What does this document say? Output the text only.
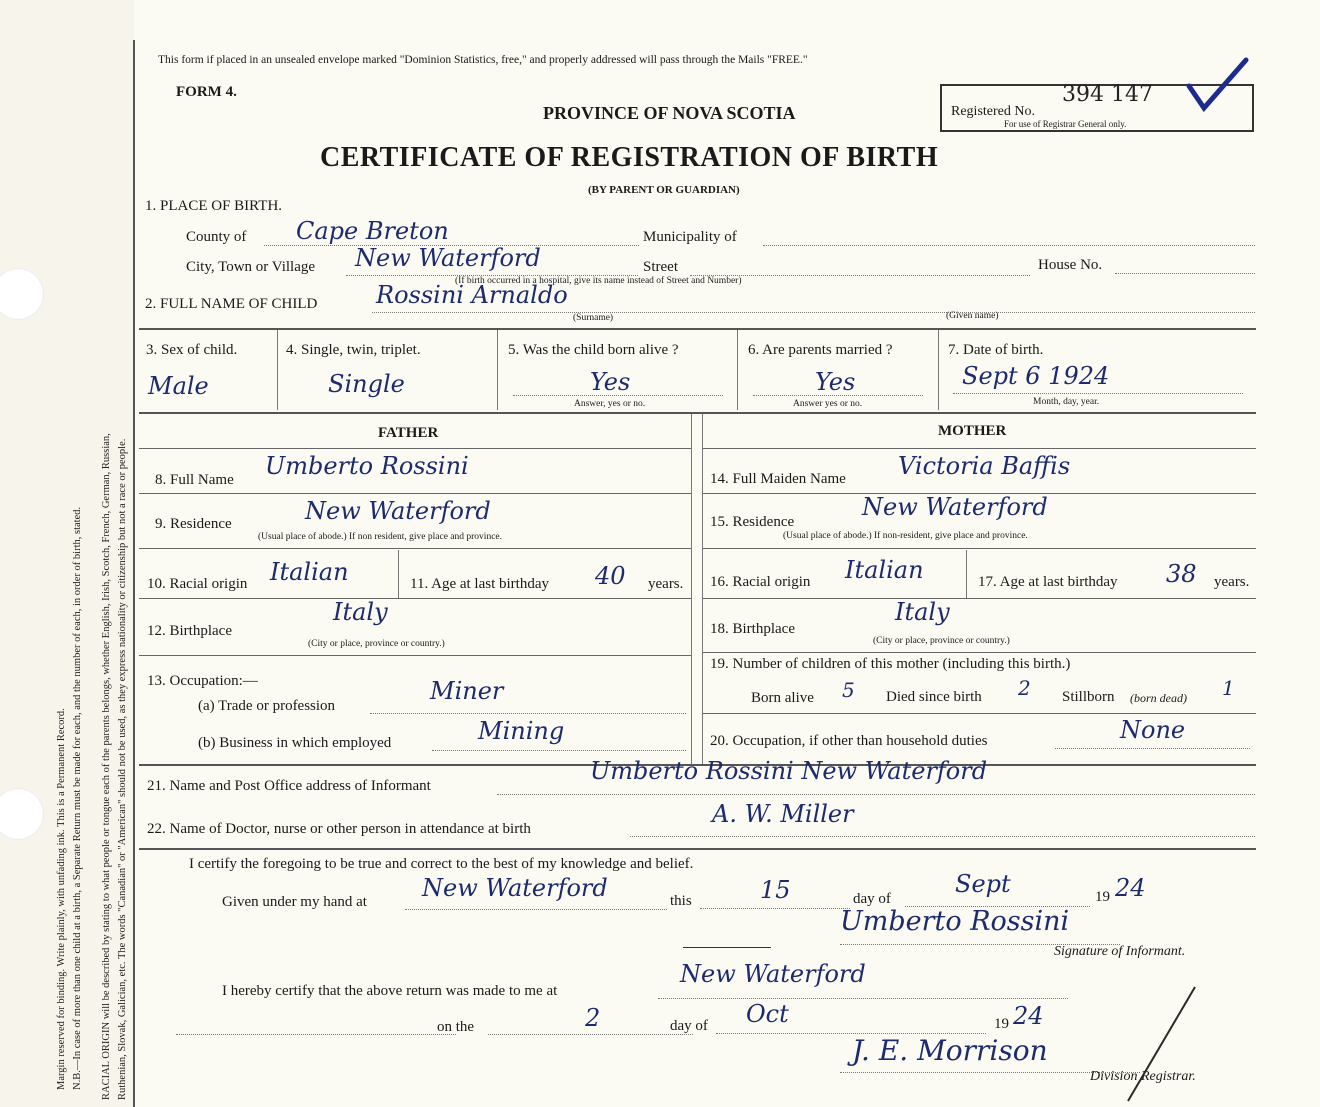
Margin reserved for binding. Write plainly, with unfading ink. This is a Permanent Record. N.B.—In case of more than one child at a birth, a Separate Return must be made for each, and the number of each, in order of birth, stated. RACIAL ORIGIN will be described by stating to what people or tongue each of the parents belongs, whether English, Irish, Scotch, French, German, Russian, Ruthenian, Slovak, Galician, etc. The words "Canadian" or "American" should not be used, as they express nationality or citizenship but not a race or people.
This form if placed in an unsealed envelope marked "Dominion Statistics, free," and properly addressed will pass through the Mails "FREE."
FORM 4.
PROVINCE OF NOVA SCOTIA
CERTIFICATE OF REGISTRATION OF BIRTH
(BY PARENT OR GUARDIAN)
Registered No.
394 147
For use of Registrar General only.
1. PLACE OF BIRTH.
County of Cape Breton	Municipality of
City, Town or Village New Waterford	Street	House No.
(If birth occurred in a hospital, give its name instead of Street and Number)
2. FULL NAME OF CHILD Rossini Arnaldo
(Surname)	(Given name)
3. Sex of child.
Male
4. Single, twin, triplet.
Single
5. Was the child born alive ?
Yes
Answer, yes or no.
6. Are parents married ?
Yes
Answer yes or no.
7. Date of birth.
Sept 6 1924
Month, day, year.
FATHER	MOTHER
8. Full Name Umberto Rossini
9. Residence	New Waterford
(Usual place of abode.) If non resident, give place and province.
10. Racial origin Italian	11. Age at last birthday 40 years.
12. Birthplace
Italy
(City or place, province or country.)
13. Occupation:—
(a) Trade or profession
Miner
(b) Business in which employed	Mining
14. Full Maiden Name Victoria Baffis
15. Residence
New Waterford
(Usual place of abode.) If non-resident, give place and province.
16. Racial origin Italian	17. Age at last birthday 38 years.
18. Birthplace
Italy
(City or place, province or country.)
19. Number of children of this mother (including this birth.)
Born alive 5 Died since birth 2 Stillborn (born dead) 1
20. Occupation, if other than household duties	None
21. Name and Post Office address of Informant
Umberto Rossini New Waterford
22. Name of Doctor, nurse or other person in attendance at birth
A. W. Miller
I certify the foregoing to be true and correct to the best of my knowledge and belief.
Given under my hand at New Waterford	this	15	day of
Sept	19 24
Umberto Rossini
Signature of Informant.
I hereby certify that the above return was made to me at
New Waterford
on the	2	day of Oct	19 24
J. E. Morrison
Division Registrar.
